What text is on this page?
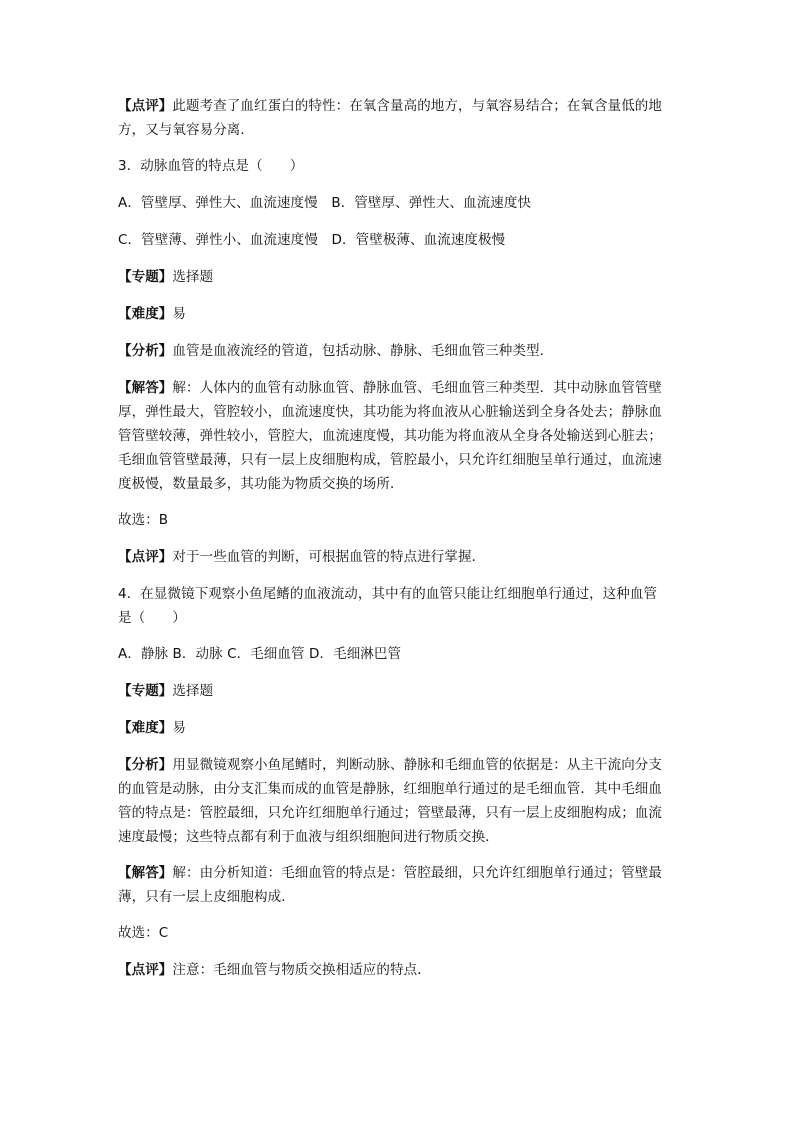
【点评】此题考查了血红蛋白的特性：在氧含量高的地方，与氧容易结合；在氧含量低的地
方，又与氧容易分离．

3．动脉血管的特点是（　　）

A．管壁厚、弹性大、血流速度慢　B．管壁厚、弹性大、血流速度快

C．管壁薄、弹性小、血流速度慢　D．管壁极薄、血流速度极慢

【专题】选择题

【难度】易

【分析】血管是血液流经的管道，包括动脉、静脉、毛细血管三种类型．

【解答】解：人体内的血管有动脉血管、静脉血管、毛细血管三种类型．其中动脉血管管壁
厚，弹性最大，管腔较小，血流速度快，其功能为将血液从心脏输送到全身各处去；静脉血
管管壁较薄，弹性较小，管腔大，血流速度慢，其功能为将血液从全身各处输送到心脏去；
毛细血管管壁最薄，只有一层上皮细胞构成，管腔最小，只允许红细胞呈单行通过，血流速
度极慢，数量最多，其功能为物质交换的场所．

故选：B

【点评】对于一些血管的判断，可根据血管的特点进行掌握．

4．在显微镜下观察小鱼尾鳍的血液流动，其中有的血管只能让红细胞单行通过，这种血管
是（　　）

A．静脉 B．动脉 C．毛细血管 D．毛细淋巴管

【专题】选择题

【难度】易

【分析】用显微镜观察小鱼尾鳍时，判断动脉、静脉和毛细血管的依据是：从主干流向分支
的血管是动脉，由分支汇集而成的血管是静脉，红细胞单行通过的是毛细血管．其中毛细血
管的特点是：管腔最细，只允许红细胞单行通过；管壁最薄，只有一层上皮细胞构成；血流
速度最慢；这些特点都有利于血液与组织细胞间进行物质交换．

【解答】解：由分析知道：毛细血管的特点是：管腔最细，只允许红细胞单行通过；管壁最
薄，只有一层上皮细胞构成．

故选：C

【点评】注意：毛细血管与物质交换相适应的特点．
